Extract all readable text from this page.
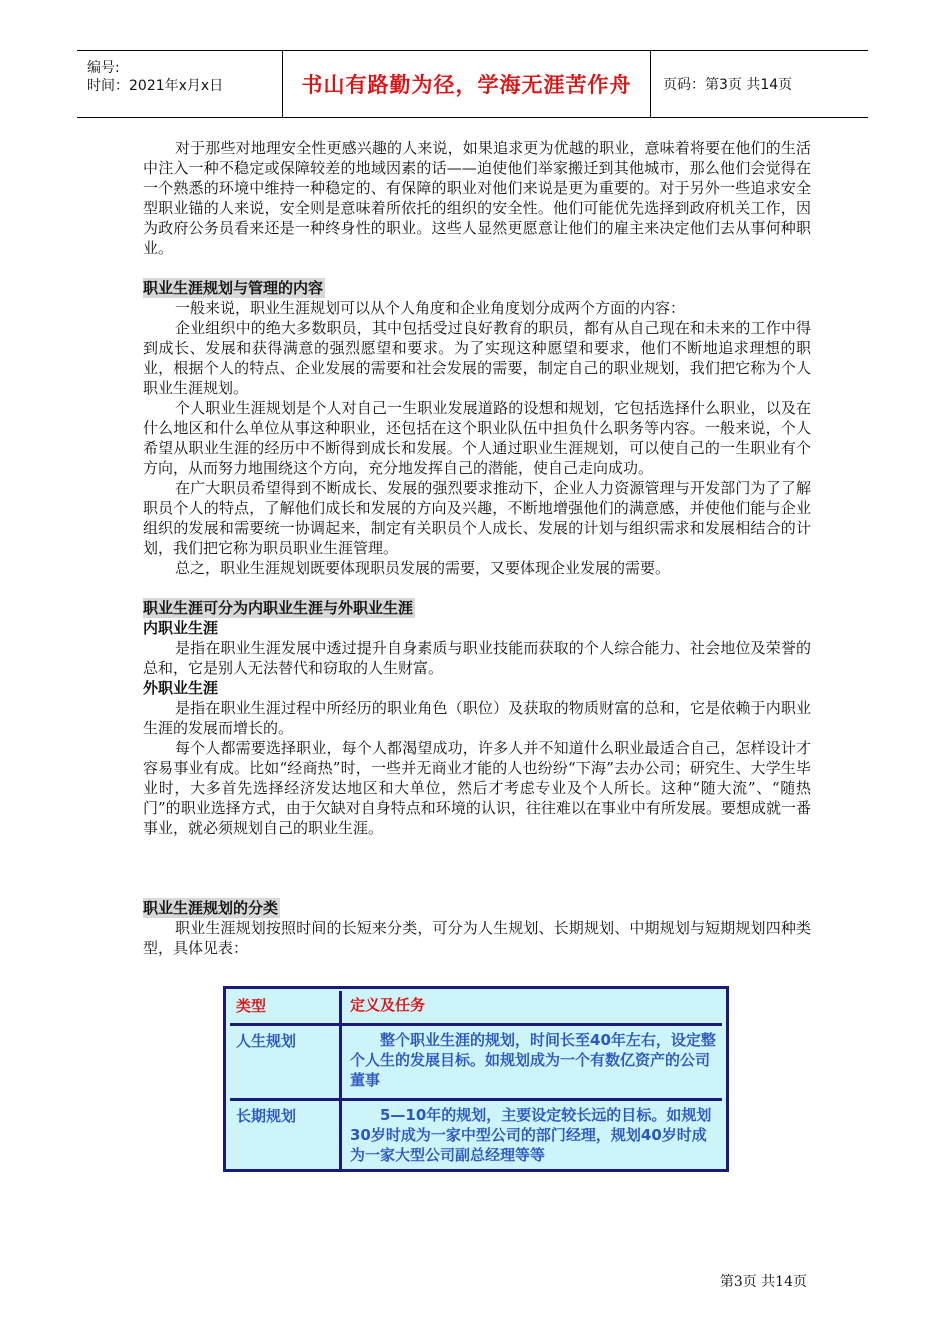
编号:
时间：2021年x月x日	书山有路勤为径，学海无涯苦作舟	页码：第3页 共14页

对于那些对地理安全性更感兴趣的人来说，如果追求更为优越的职业，意味着将要在他们的生活中注入一种不稳定或保障较差的地域因素的话——迫使他们举家搬迁到其他城市，那么他们会觉得在一个熟悉的环境中维持一种稳定的、有保障的职业对他们来说是更为重要的。对于另外一些追求安全型职业锚的人来说，安全则是意味着所依托的组织的安全性。他们可能优先选择到政府机关工作，因为政府公务员看来还是一种终身性的职业。这些人显然更愿意让他们的雇主来决定他们去从事何种职业。

职业生涯规划与管理的内容

一般来说，职业生涯规划可以从个人角度和企业角度划分成两个方面的内容：

企业组织中的绝大多数职员，其中包括受过良好教育的职员，都有从自己现在和未来的工作中得到成长、发展和获得满意的强烈愿望和要求。为了实现这种愿望和要求，他们不断地追求理想的职业，根据个人的特点、企业发展的需要和社会发展的需要，制定自己的职业规划，我们把它称为个人职业生涯规划。

个人职业生涯规划是个人对自己一生职业发展道路的设想和规划，它包括选择什么职业，以及在什么地区和什么单位从事这种职业，还包括在这个职业队伍中担负什么职务等内容。一般来说，个人希望从职业生涯的经历中不断得到成长和发展。个人通过职业生涯规划，可以使自己的一生职业有个方向，从而努力地围绕这个方向，充分地发挥自己的潜能，使自己走向成功。

在广大职员希望得到不断成长、发展的强烈要求推动下，企业人力资源管理与开发部门为了了解职员个人的特点，了解他们成长和发展的方向及兴趣，不断地增强他们的满意感，并使他们能与企业组织的发展和需要统一协调起来，制定有关职员个人成长、发展的计划与组织需求和发展相结合的计划，我们把它称为职员职业生涯管理。

总之，职业生涯规划既要体现职员发展的需要，又要体现企业发展的需要。

职业生涯可分为内职业生涯与外职业生涯
内职业生涯

是指在职业生涯发展中透过提升自身素质与职业技能而获取的个人综合能力、社会地位及荣誉的总和，它是别人无法替代和窃取的人生财富。

外职业生涯

是指在职业生涯过程中所经历的职业角色（职位）及获取的物质财富的总和，它是依赖于内职业生涯的发展而增长的。

每个人都需要选择职业，每个人都渴望成功，许多人并不知道什么职业最适合自己，怎样设计才容易事业有成。比如“经商热”时，一些并无商业才能的人也纷纷“下海”去办公司；研究生、大学生毕业时，大多首先选择经济发达地区和大单位，然后才考虑专业及个人所长。这种“随大流”、“随热门”的职业选择方式，由于欠缺对自身特点和环境的认识，往往难以在事业中有所发展。要想成就一番事业，就必须规划自己的职业生涯。

职业生涯规划的分类

职业生涯规划按照时间的长短来分类，可分为人生规划、长期规划、中期规划与短期规划四种类型，具体见表：

类型	定义及任务
人生规划	整个职业生涯的规划，时间长至40年左右，设定整个人生的发展目标。如规划成为一个有数亿资产的公司董事
长期规划	5—10年的规划，主要设定较长远的目标。如规划30岁时成为一家中型公司的部门经理，规划40岁时成为一家大型公司副总经理等等
第3页 共14页
